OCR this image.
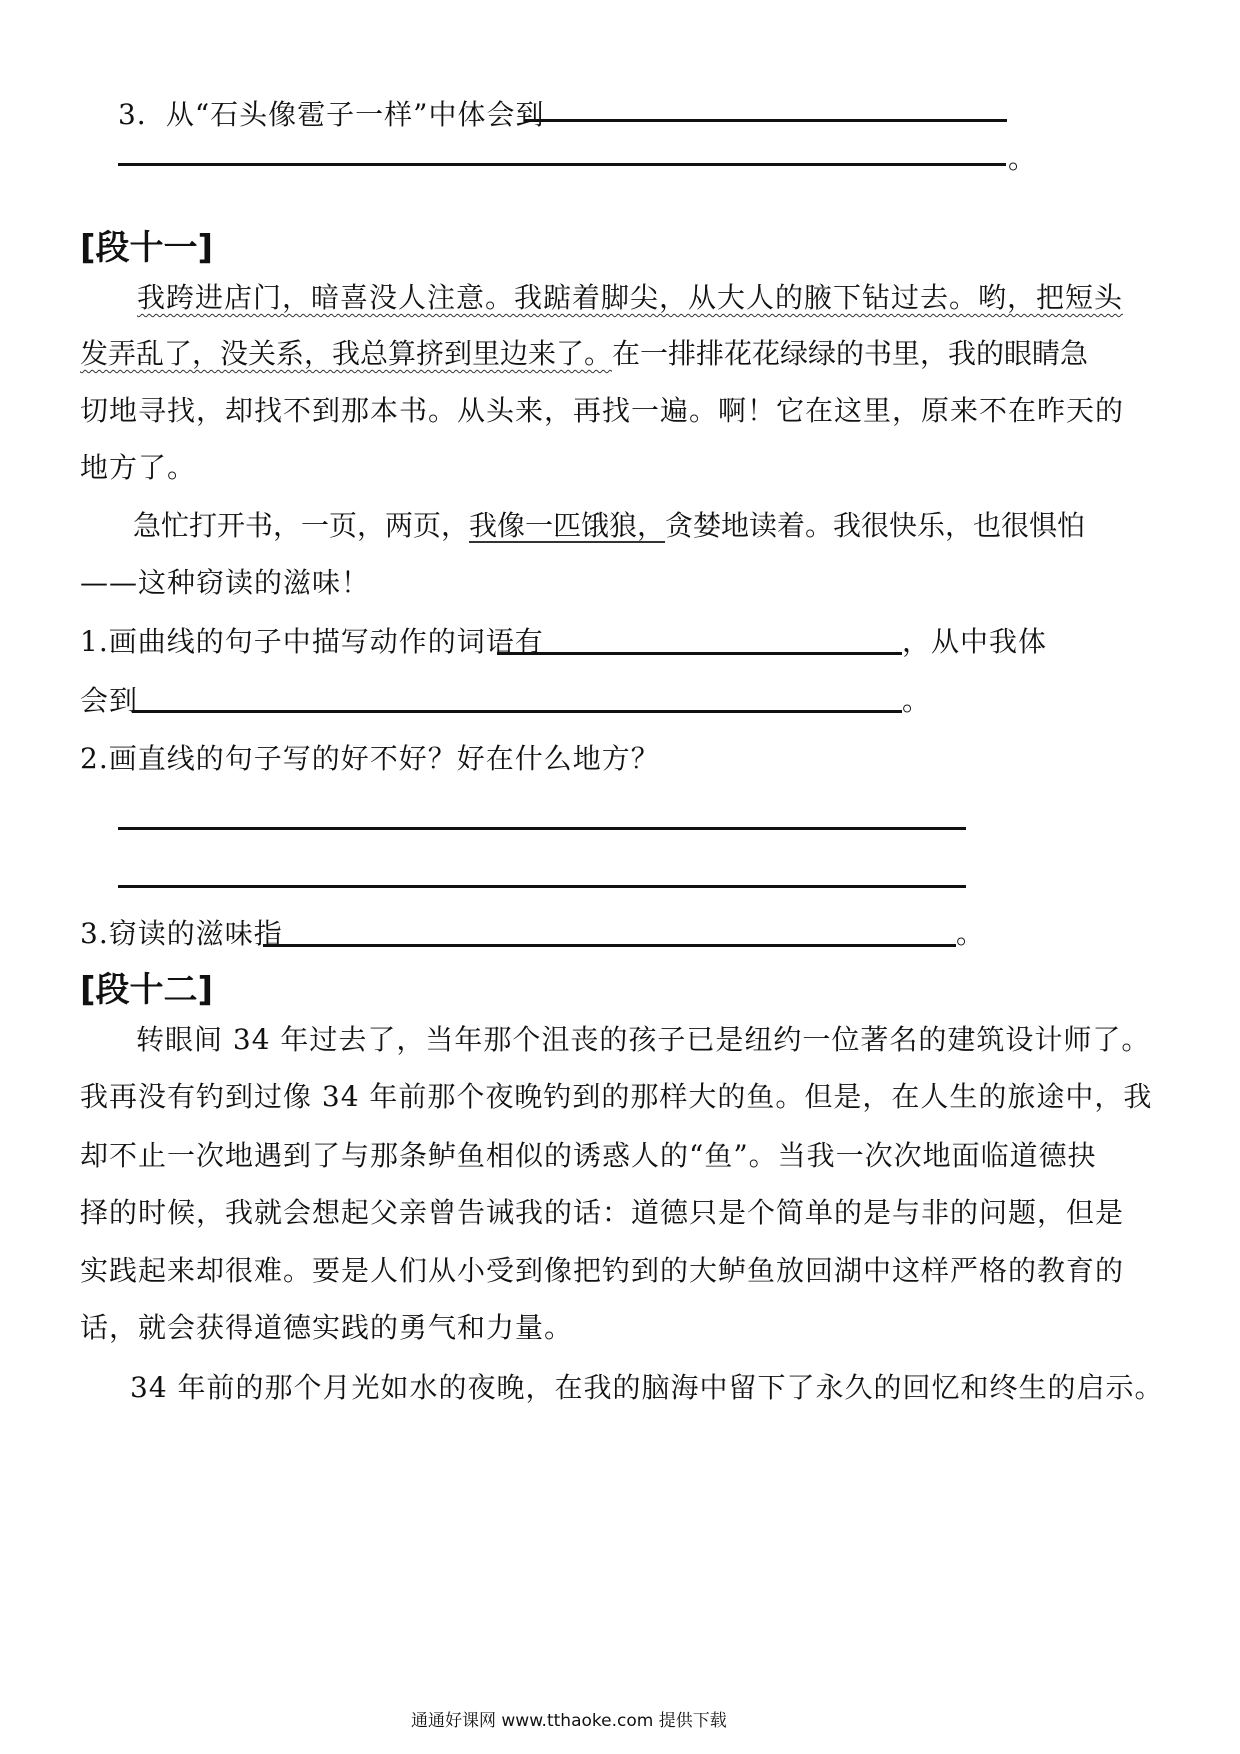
3．从“石头像雹子一样”中体会到
。
[段十一]
我跨进店门，暗喜没人注意。我踮着脚尖，从大人的腋下钻过去。哟，把短头
发弄乱了，没关系，我总算挤到里边来了。在一排排花花绿绿的书里，我的眼睛急
切地寻找，却找不到那本书。从头来，再找一遍。啊！它在这里，原来不在昨天的
地方了。
急忙打开书，一页，两页，我像一匹饿狼，贪婪地读着。我很快乐，也很惧怕
——这种窃读的滋味！
1.画曲线的句子中描写动作的词语有	，从中我体
会到	。
2.画直线的句子写的好不好？好在什么地方？
3.窃读的滋味指	。
[段十二]
转眼间 34 年过去了，当年那个沮丧的孩子已是纽约一位著名的建筑设计师了。
我再没有钓到过像 34 年前那个夜晚钓到的那样大的鱼。但是，在人生的旅途中，我
却不止一次地遇到了与那条鲈鱼相似的诱惑人的“鱼”。当我一次次地面临道德抉
择的时候，我就会想起父亲曾告诫我的话：道德只是个简单的是与非的问题，但是
实践起来却很难。要是人们从小受到像把钓到的大鲈鱼放回湖中这样严格的教育的
话，就会获得道德实践的勇气和力量。
34 年前的那个月光如水的夜晚，在我的脑海中留下了永久的回忆和终生的启示。
通通好课网 www.tthaoke.com 提供下载
